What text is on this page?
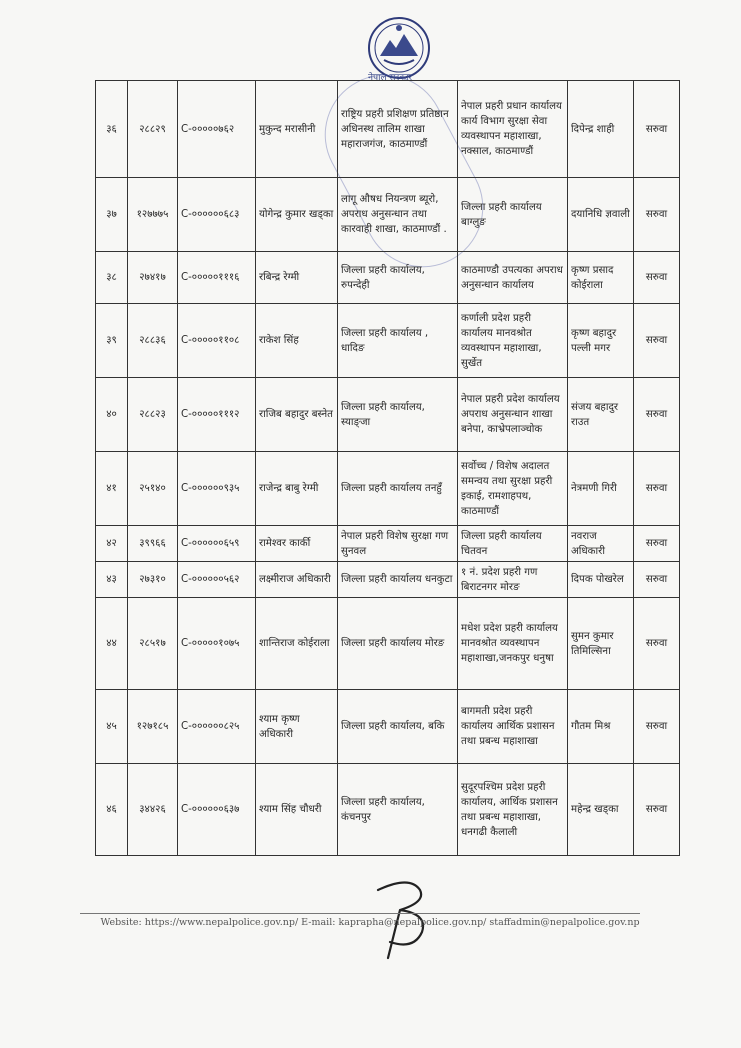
नेपाल सरकार
३६	२८८२९	C-०००००७६२	मुकुन्द मरासीनी	राष्ट्रिय प्रहरी प्रशिक्षण प्रतिष्ठान अधिनस्थ तालिम शाखा महाराजगंज, काठमाण्डौं	नेपाल प्रहरी प्रधान कार्यालय कार्य विभाग सुरक्षा सेवा व्यवस्थापन महाशाखा, नक्साल, काठमाण्डौं	दिपेन्द्र शाही	सरुवा
३७	१२७७७५	C-००००००६८३	योगेन्द्र कुमार खड्का	लागू औषध नियन्त्रण ब्यूरो, अपराध अनुसन्धान तथा कारवाही शाखा, काठमाण्डौं .	जिल्ला प्रहरी कार्यालय बाग्लुङ	दयानिधि ज्ञवाली	सरुवा
३८	२७४१७	C-०००००१११६	रबिन्द्र रेग्मी	जिल्ला प्रहरी कार्यालय, रुपन्देही	काठमाण्डौ उपत्यका अपराध अनुसन्धान कार्यालय	कृष्ण प्रसाद कोईराला	सरुवा
३९	२८८३६	C-०००००११०८	राकेश सिंह	जिल्ला प्रहरी कार्यालय , धादिङ	कर्णाली प्रदेश प्रहरी कार्यालय मानवश्रोत व्यवस्थापन महाशाखा, सुर्खेत	कृष्ण बहादुर पल्ली मगर	सरुवा
४०	२८८२३	C-०००००१११२	राजिब बहादुर बस्नेत	जिल्ला प्रहरी कार्यालय, स्याङ्जा	नेपाल प्रहरी प्रदेश कार्यालय अपराध अनुसन्धान शाखा बनेपा, काभ्रेपलाञ्चोक	संजय बहादुर राउत	सरुवा
४१	२५१४०	C-००००००९३५	राजेन्द्र बाबु रेग्मी	जिल्ला प्रहरी कार्यालय तनहुँ	सर्वोच्च / विशेष अदालत समन्वय तथा सुरक्षा प्रहरी इकाई, रामशाहपथ, काठमाण्डौं	नेत्रमणी गिरी	सरुवा
४२	३९९६६	C-००००००६५९	रामेश्वर कार्की	नेपाल प्रहरी विशेष सुरक्षा गण सुनवल	जिल्ला प्रहरी कार्यालय चितवन	नवराज अधिकारी	सरुवा
४३	२७३१०	C-००००००५६२	लक्ष्मीराज अधिकारी	जिल्ला प्रहरी कार्यालय धनकुटा	१ नं. प्रदेश प्रहरी गण बिराटनगर मोरङ	दिपक पोखरेल	सरुवा
४४	२८५१७	C-०००००१०७५	शान्तिराज कोईराला	जिल्ला प्रहरी कार्यालय मोरङ	मधेश प्रदेश प्रहरी कार्यालय मानवश्रोत व्यवस्थापन महाशाखा,जनकपुर धनुषा	सुमन कुमार तिमिल्सिना	सरुवा
४५	१२७१८५	C-००००००८२५	श्याम कृष्ण अधिकारी	जिल्ला प्रहरी कार्यालय, बकि	बागमती प्रदेश प्रहरी कार्यालय आर्थिक प्रशासन तथा प्रबन्ध महाशाखा	गौतम मिश्र	सरुवा
४६	३४४२६	C-००००००६३७	श्याम सिंह चौधरी	जिल्ला प्रहरी कार्यालय, कंचनपुर	सुदूरपश्चिम प्रदेश प्रहरी कार्यालय, आर्थिक प्रशासन तथा प्रबन्ध महाशाखा, धनगढी कैलाली	महेन्द्र खड्का	सरुवा
Website: https://www.nepalpolice.gov.np/ E-mail: kaprapha@nepalpolice.gov.np/ staffadmin@nepalpolice.gov.np
